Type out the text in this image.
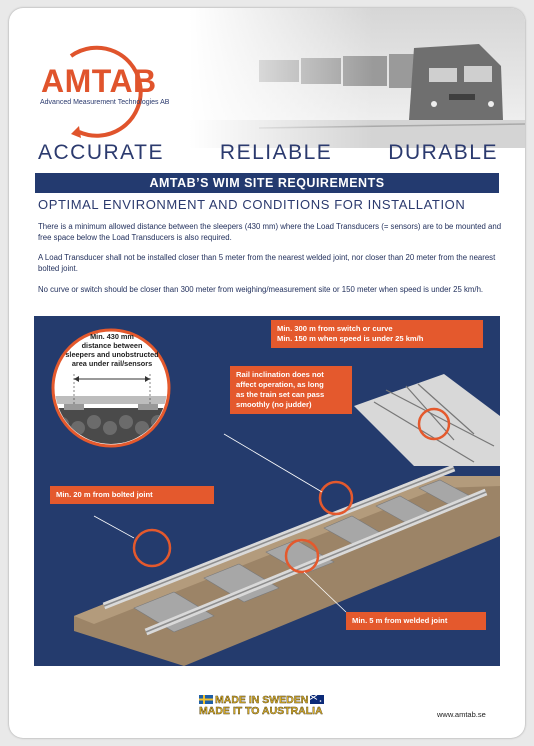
AMTAB
Advanced Measurement Technologies AB
ACCURATE	RELIABLE	DURABLE
AMTAB’S WIM SITE REQUIREMENTS
OPTIMAL ENVIRONMENT AND CONDITIONS FOR INSTALLATION
There is a minimum allowed distance between the sleepers (430 mm) where the Load Transducers (= sensors) are to be mounted and free space below the Load Transducers is also required.
A Load Transducer shall not be installed closer than 5 meter from the nearest welded joint, nor closer than 20 meter from the nearest bolted joint.
No curve or switch should be closer than 300 meter from weighing/measurement site or 150 meter when speed is under 25 km/h.
Min. 430 mm
distance between
sleepers and unobstructed
area under rail/sensors
Min. 300 m from switch or curve
Min. 150 m when speed is under 25 km/h
Rail inclination does not
affect operation, as long
as the train set can pass
smoothly (no judder)
Min. 20 m from bolted joint
Min. 5 m from welded joint
MADE IN SWEDEN
MADE IT TO AUSTRALIA	www.amtab.se
